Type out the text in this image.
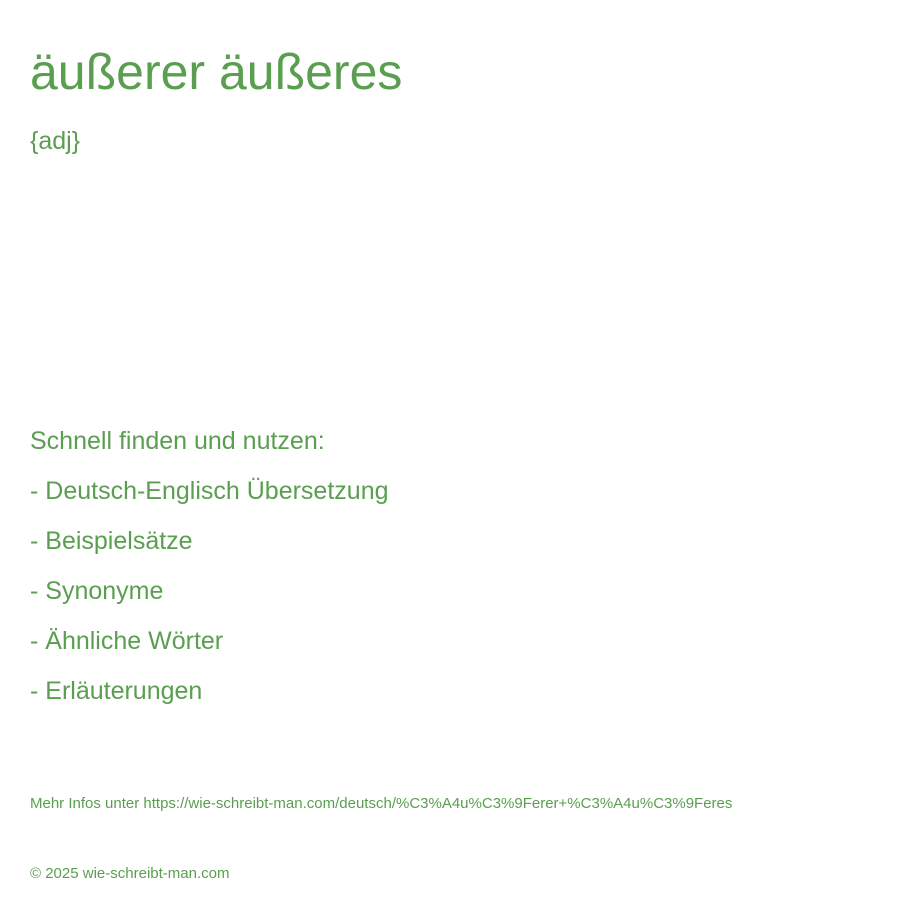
äußerer äußeres

{adj}

Schnell finden und nutzen:
- Deutsch-Englisch Übersetzung
- Beispielsätze
- Synonyme
- Ähnliche Wörter
- Erläuterungen

Mehr Infos unter https://wie-schreibt-man.com/deutsch/%C3%A4u%C3%9Ferer+%C3%A4u%C3%9Feres

© 2025 wie-schreibt-man.com
